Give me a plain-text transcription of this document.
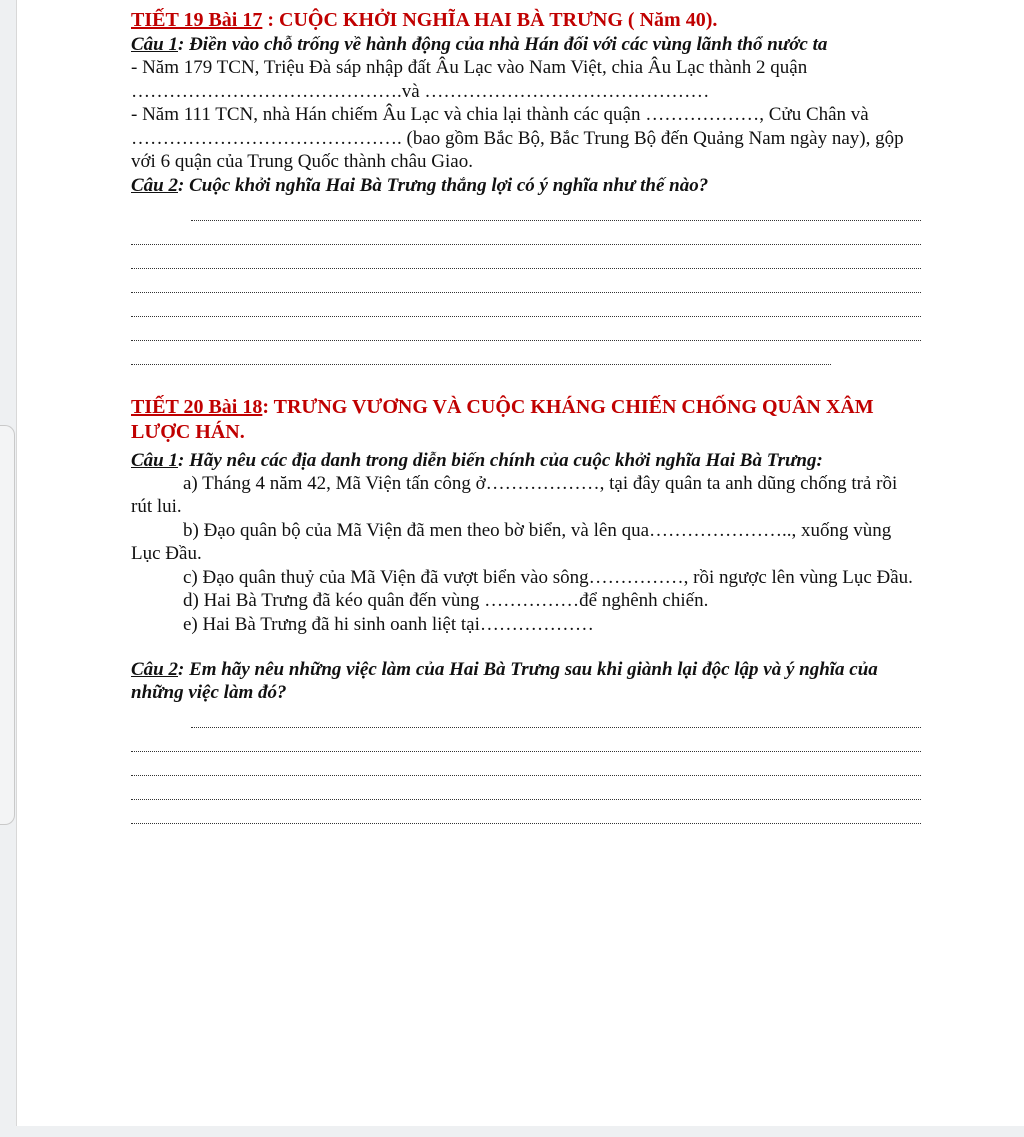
TIẾT 19 Bài 17 : CUỘC KHỞI NGHĨA HAI BÀ TRƯNG ( Năm 40).

Câu 1: Điền vào chỗ trống về hành động của nhà Hán đối với các vùng lãnh thổ nước ta

- Năm 179 TCN, Triệu Đà sáp nhập đất Âu Lạc vào Nam Việt, chia Âu Lạc thành 2 quận …………………………………….và ………………………………………

- Năm 111 TCN, nhà Hán chiếm Âu Lạc và chia lại thành các quận ………………, Cửu Chân và ……………………………………. (bao gồm Bắc Bộ, Bắc Trung Bộ đến Quảng Nam ngày nay), gộp với 6 quận của Trung Quốc thành châu Giao.

Câu 2: Cuộc khởi nghĩa Hai Bà Trưng thắng lợi có ý nghĩa như thế nào?

TIẾT 20 Bài 18: TRƯNG VƯƠNG VÀ CUỘC KHÁNG CHIẾN CHỐNG QUÂN XÂM LƯỢC HÁN.

Câu 1: Hãy nêu các địa danh trong diễn biến chính của cuộc khởi nghĩa Hai Bà Trưng:

a) Tháng 4 năm 42, Mã Viện tấn công ở………………, tại đây quân ta anh dũng chống trả rồi rút lui.

b) Đạo quân bộ của Mã Viện đã men theo bờ biển, và lên qua………………….., xuống vùng Lục Đầu.

c) Đạo quân thuỷ của Mã Viện đã vượt biển vào sông……………, rồi ngược lên vùng Lục Đầu.

d) Hai Bà Trưng đã kéo quân đến vùng ……………để nghênh chiến.

e) Hai Bà Trưng đã hi sinh oanh liệt tại………………

Câu 2: Em hãy nêu những việc làm của Hai Bà Trưng sau khi giành lại độc lập và ý nghĩa của những việc làm đó?
